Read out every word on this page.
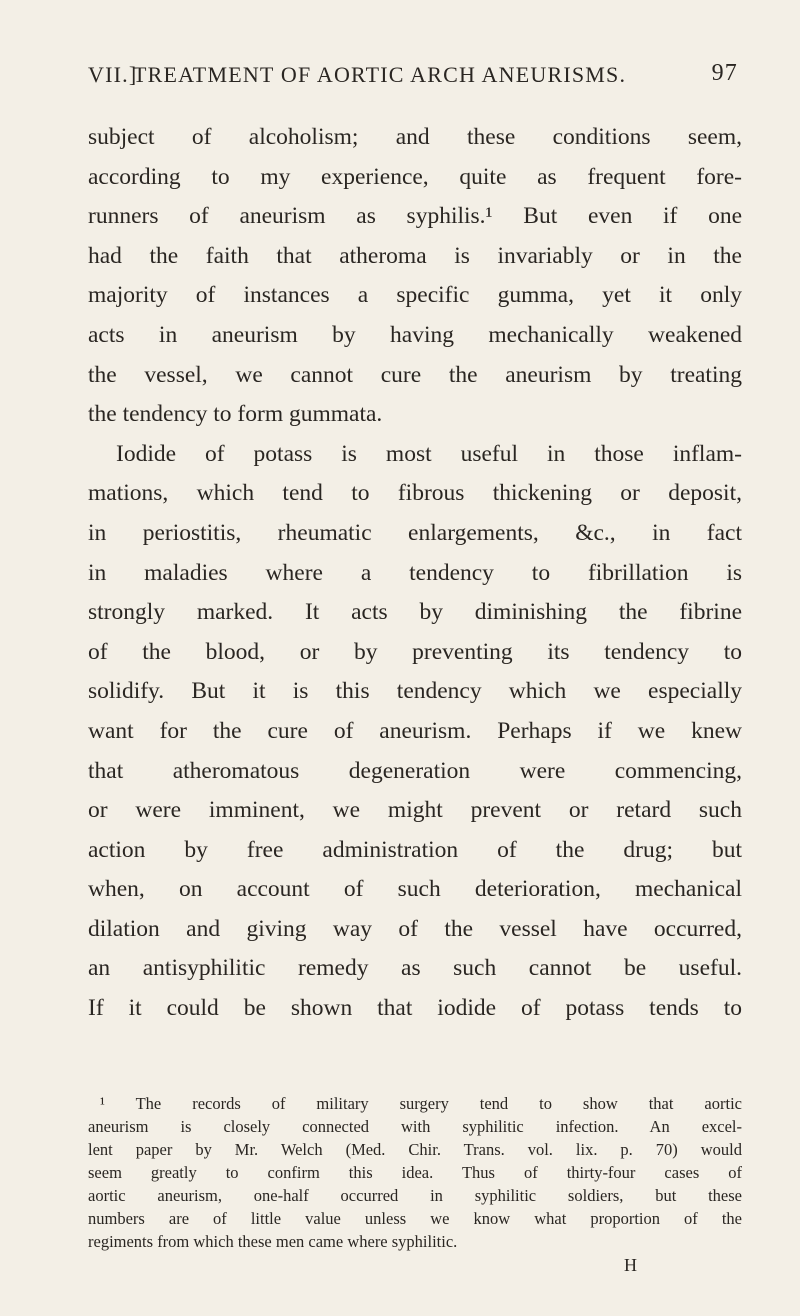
VII.]
TREATMENT OF AORTIC ARCH ANEURISMS.	97
subject of alcoholism; and these conditions seem,
according to my experience, quite as frequent fore-
runners of aneurism as syphilis.¹ But even if one
had the faith that atheroma is invariably or in the
majority of instances a specific gumma, yet it only
acts in aneurism by having mechanically weakened
the vessel, we cannot cure the aneurism by treating
the tendency to form gummata.
Iodide of potass is most useful in those inflam-
mations, which tend to fibrous thickening or deposit,
in periostitis, rheumatic enlargements, &c., in fact
in maladies where a tendency to fibrillation is
strongly marked. It acts by diminishing the fibrine
of the blood, or by preventing its tendency to
solidify. But it is this tendency which we especially
want for the cure of aneurism. Perhaps if we knew
that atheromatous degeneration were commencing,
or were imminent, we might prevent or retard such
action by free administration of the drug; but
when, on account of such deterioration, mechanical
dilation and giving way of the vessel have occurred,
an antisyphilitic remedy as such cannot be useful.
If it could be shown that iodide of potass tends to
¹ The records of military surgery tend to show that aortic
aneurism is closely connected with syphilitic infection. An excel-
lent paper by Mr. Welch (Med. Chir. Trans. vol. lix. p. 70) would
seem greatly to confirm this idea. Thus of thirty-four cases of
aortic aneurism, one-half occurred in syphilitic soldiers, but these
numbers are of little value unless we know what proportion of the
regiments from which these men came where syphilitic.
H
